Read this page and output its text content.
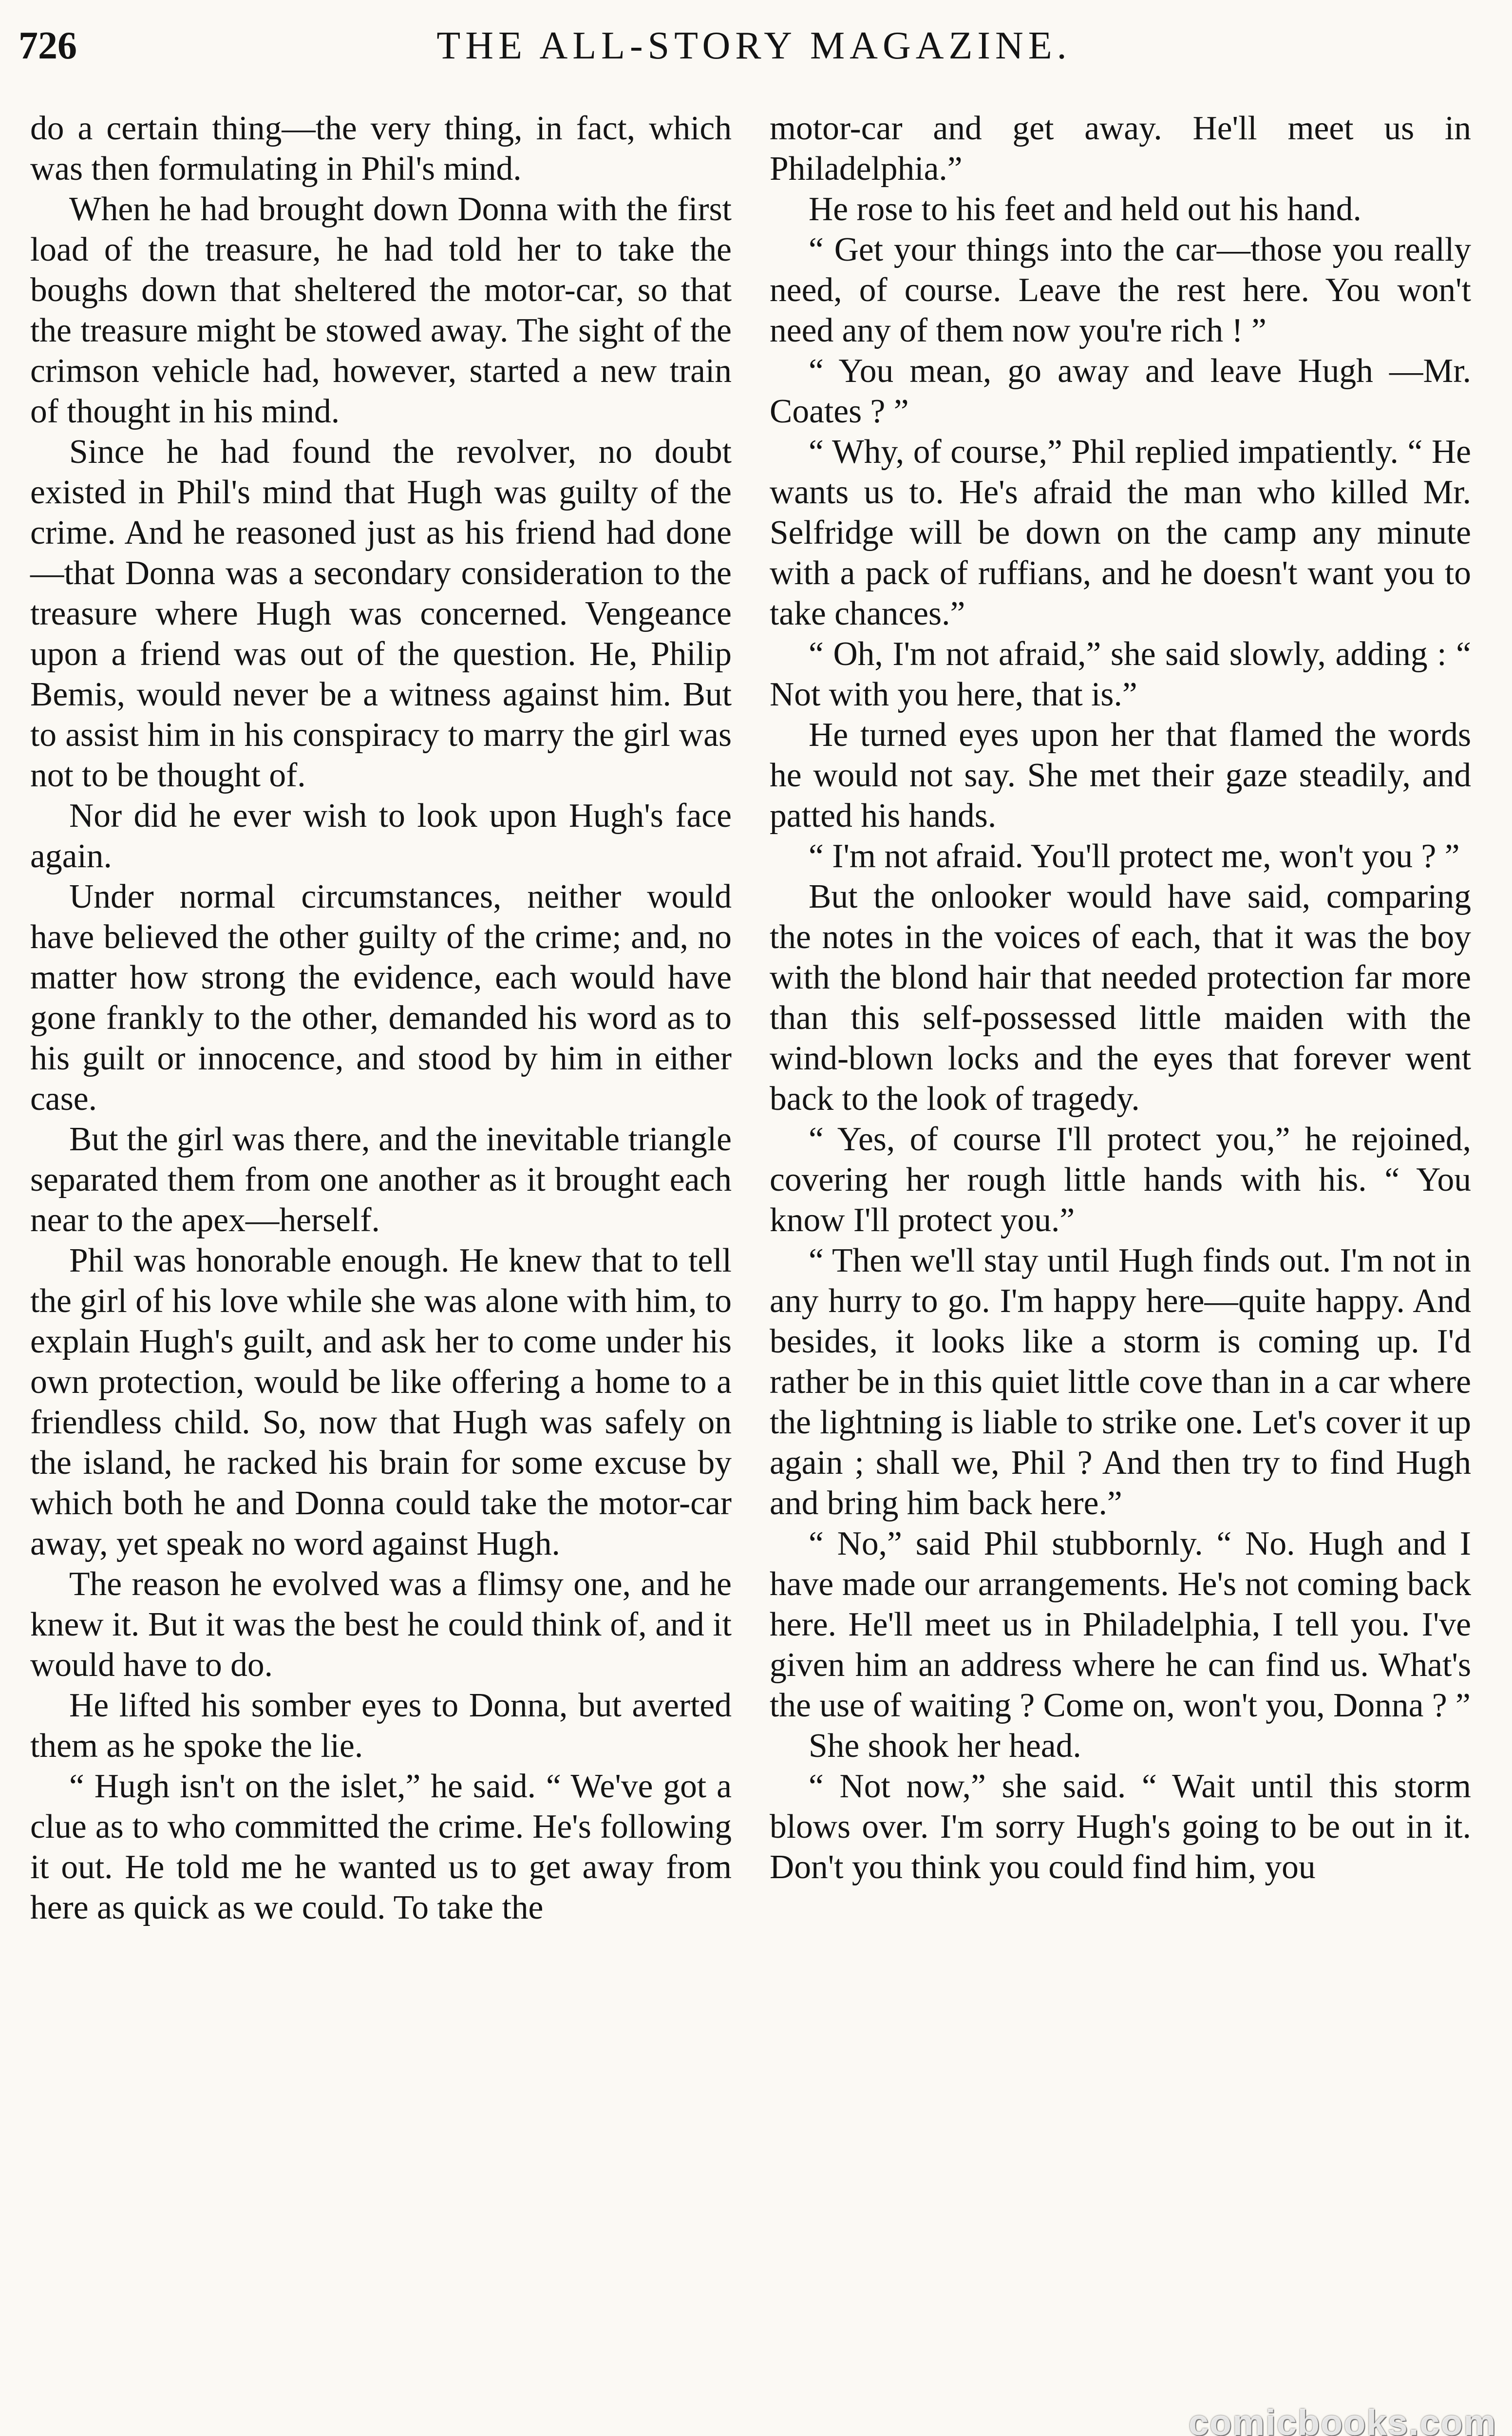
726	THE ALL-STORY MAGAZINE.

do a certain thing—the very thing, in fact, which was then formulating in Phil's mind.

When he had brought down Donna with the first load of the treasure, he had told her to take the boughs down that sheltered the motor-car, so that the treasure might be stowed away. The sight of the crimson vehicle had, however, started a new train of thought in his mind.

Since he had found the revolver, no doubt existed in Phil's mind that Hugh was guilty of the crime. And he reasoned just as his friend had done—that Donna was a secondary consideration to the treasure where Hugh was concerned. Vengeance upon a friend was out of the question. He, Philip Bemis, would never be a witness against him. But to assist him in his conspiracy to marry the girl was not to be thought of.

Nor did he ever wish to look upon Hugh's face again.

Under normal circumstances, neither would have believed the other guilty of the crime; and, no matter how strong the evidence, each would have gone frankly to the other, demanded his word as to his guilt or innocence, and stood by him in either case.

But the girl was there, and the inevitable triangle separated them from one another as it brought each near to the apex—herself.

Phil was honorable enough. He knew that to tell the girl of his love while she was alone with him, to explain Hugh's guilt, and ask her to come under his own protection, would be like offering a home to a friendless child. So, now that Hugh was safely on the island, he racked his brain for some excuse by which both he and Donna could take the motor-car away, yet speak no word against Hugh.

The reason he evolved was a flimsy one, and he knew it. But it was the best he could think of, and it would have to do.

He lifted his somber eyes to Donna, but averted them as he spoke the lie.

“ Hugh isn't on the islet,” he said. “ We've got a clue as to who committed the crime. He's following it out. He told me he wanted us to get away from here as quick as we could. To take the

motor-car and get away. He'll meet us in Philadelphia.”

He rose to his feet and held out his hand.

“ Get your things into the car—those you really need, of course. Leave the rest here. You won't need any of them now you're rich ! ”

“ You mean, go away and leave Hugh —Mr. Coates ? ”

“ Why, of course,” Phil replied impatiently. “ He wants us to. He's afraid the man who killed Mr. Selfridge will be down on the camp any minute with a pack of ruffians, and he doesn't want you to take chances.”

“ Oh, I'm not afraid,” she said slowly, adding : “ Not with you here, that is.”

He turned eyes upon her that flamed the words he would not say. She met their gaze steadily, and patted his hands.

“ I'm not afraid. You'll protect me, won't you ? ”

But the onlooker would have said, comparing the notes in the voices of each, that it was the boy with the blond hair that needed protection far more than this self-possessed little maiden with the wind-blown locks and the eyes that forever went back to the look of tragedy.

“ Yes, of course I'll protect you,” he rejoined, covering her rough little hands with his. “ You know I'll protect you.”

“ Then we'll stay until Hugh finds out. I'm not in any hurry to go. I'm happy here—quite happy. And besides, it looks like a storm is coming up. I'd rather be in this quiet little cove than in a car where the lightning is liable to strike one. Let's cover it up again ; shall we, Phil ? And then try to find Hugh and bring him back here.”

“ No,” said Phil stubbornly. “ No. Hugh and I have made our arrangements. He's not coming back here. He'll meet us in Philadelphia, I tell you. I've given him an address where he can find us. What's the use of waiting ? Come on, won't you, Donna ? ”

She shook her head.

“ Not now,” she said. “ Wait until this storm blows over. I'm sorry Hugh's going to be out in it. Don't you think you could find him, you

comicbooks.com
